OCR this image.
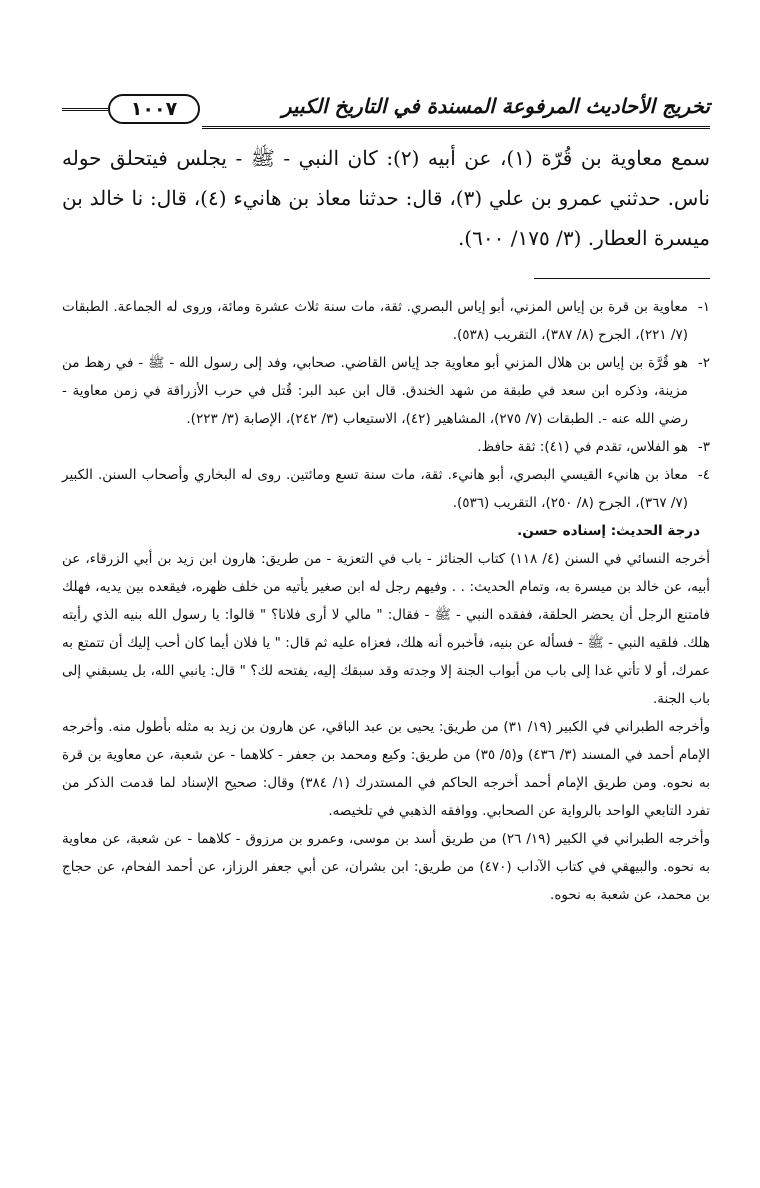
تخريج الأحاديث المرفوعة المسندة في التاريخ الكبير
١٠٠٧

سمع معاوية بن قُرّة (١)، عن أبيه (٢): كان النبي - ﷺ - يجلس فيتحلق حوله ناس. حدثني عمرو بن علي (٣)، قال: حدثنا معاذ بن هانيء (٤)، قال: نا خالد بن ميسرة العطار. (٣/ ١٧٥/ ٦٠٠).

١-
معاوية بن قرة بن إياس المزني، أبو إياس البصري. ثقة، مات سنة ثلاث عشرة ومائة، وروى له الجماعة. الطبقات (٧/ ٢٢١)، الجرح (٨/ ٣٨٧)، التقريب (٥٣٨).

٢-
هو قُرَّة بن إياس بن هلال المزني أبو معاوية جد إياس القاضي. صحابي، وفد إلى رسول الله - ﷺ - في رهط من مزينة، وذكره ابن سعد في طبقة من شهد الخندق. قال ابن عبد البر: قُتل في حرب الأزراقة في زمن معاوية - رضي الله عنه -. الطبقات (٧/ ٢٧٥)، المشاهير (٤٢)، الاستيعاب (٣/ ٢٤٢)، الإصابة (٣/ ٢٢٣).

٣-
هو الفلاس، تقدم في (٤١): ثقة حافظ.

٤-
معاذ بن هانيء القيسي البصري، أبو هانيء. ثقة، مات سنة تسع ومائتين. روى له البخاري وأصحاب السنن. الكبير (٧/ ٣٦٧)، الجرح (٨/ ٢٥٠)، التقريب (٥٣٦).

درجة الحديث: إسناده حسن.

أخرجه النسائي في السنن (٤/ ١١٨) كتاب الجنائز - باب في التعزية - من طريق: هارون ابن زيد بن أبي الزرقاء، عن أبيه، عن خالد بن ميسرة به، وتمام الحديث: . . وفيهم رجل له ابن صغير يأتيه من خلف ظهره، فيقعده بين يديه، فهلك فامتنع الرجل أن يحضر الحلقة، ففقده النبي - ﷺ - فقال: " مالي لا أرى فلانا؟ " قالوا: يا رسول الله بنيه الذي رأيته هلك. فلقيه النبي - ﷺ - فسأله عن بنيه، فأخبره أنه هلك، فعزاه عليه ثم قال: " يا فلان أيما كان أحب إليك أن تتمتع به عمرك، أو لا تأتي غدا إلى باب من أبواب الجنة إلا وجدته وقد سبقك إليه، يفتحه لك؟ " قال: يانبي الله، بل يسبقني إلى باب الجنة.

وأخرجه الطبراني في الكبير (١٩/ ٣١) من طريق: يحيى بن عبد الباقي، عن هارون بن زيد به مثله بأطول منه. وأخرجه الإمام أحمد في المسند (٣/ ٤٣٦) و(٥/ ٣٥) من طريق: وكيع ومحمد بن جعفر - كلاهما - عن شعبة، عن معاوية بن قرة به نحوه. ومن طريق الإمام أحمد أخرجه الحاكم في المستدرك (١/ ٣٨٤) وقال: صحيح الإسناد لما قدمت الذكر من تفرد التابعي الواحد بالرواية عن الصحابي. ووافقه الذهبي في تلخيصه.

وأخرجه الطبراني في الكبير (١٩/ ٢٦) من طريق أسد بن موسى، وعمرو بن مرزوق - كلاهما - عن شعبة، عن معاوية به نحوه. والبيهقي في كتاب الآداب (٤٧٠) من طريق: ابن بشران، عن أبي جعفر الرزاز، عن أحمد الفحام، عن حجاج بن محمد، عن شعبة به نحوه.
